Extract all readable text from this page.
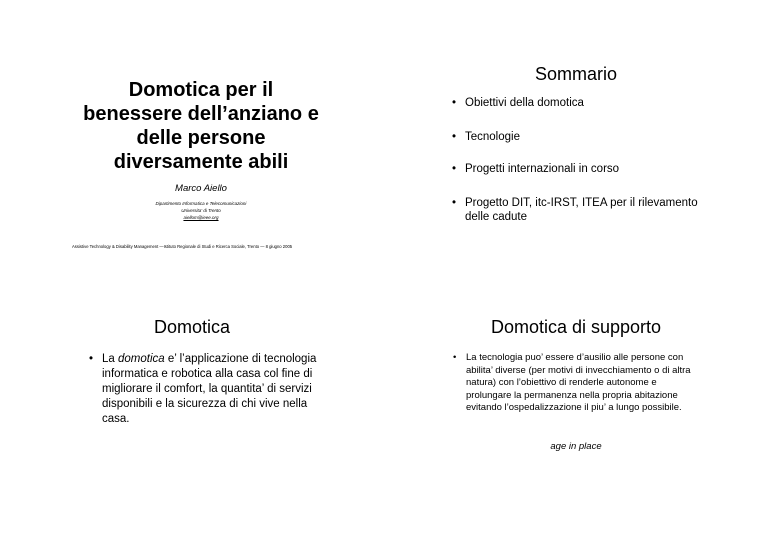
Domotica per il
benessere dell’anziano e
delle persone
diversamente abili
Marco Aiello
Dipartimento Informatica e Telecomunicazioni
Universita' di Trento
aiellom@ieee.org
Assistive Technology & Disability Management —Istituto Regionale di Studi e Ricerca Sociale, Trento — 8 giugno 2005
Sommario
• Obiettivi della domotica
• Tecnologie
• Progetti internazionali in corso
• Progetto DIT, itc-IRST, ITEA per il rilevamento delle cadute
Domotica
• La domotica e’ l’applicazione di tecnologia informatica e robotica alla casa col fine di migliorare il comfort, la quantita’ di servizi disponibili e la sicurezza di chi vive nella casa.
Domotica di supporto
• La tecnologia puo’ essere d’ausilio alle persone con abilita’ diverse (per motivi di invecchiamento o di altra natura) con l’obiettivo di renderle autonome e prolungare la permanenza nella propria abitazione evitando l’ospedalizzazione il piu’ a lungo possibile.
age in place
